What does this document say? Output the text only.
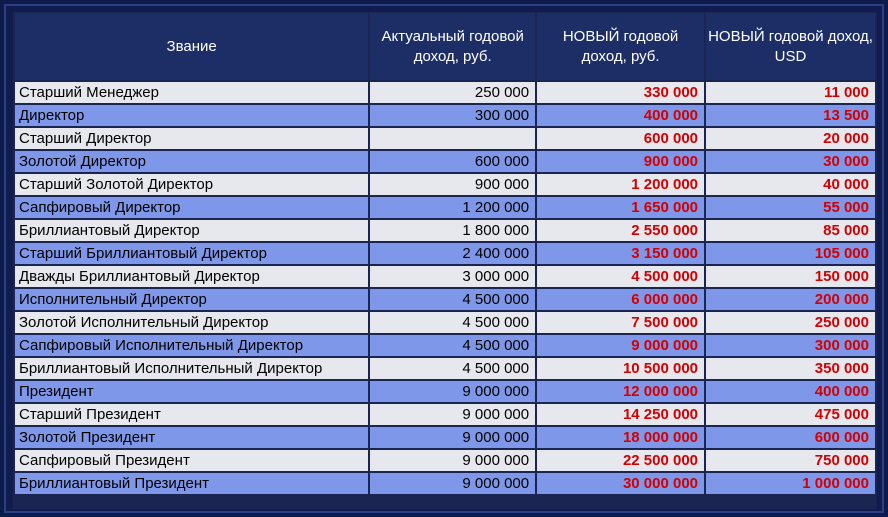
Звание	Актуальный годовой доход, руб.	НОВЫЙ годовой доход, руб.	НОВЫЙ годовой доход, USD
Старший Менеджер	250 000	330 000	11 000
Директор	300 000	400 000	13 500
Старший Директор		600 000	20 000
Золотой Директор	600 000	900 000	30 000
Старший Золотой Директор	900 000	1 200 000	40 000
Сапфировый Директор	1 200 000	1 650 000	55 000
Бриллиантовый Директор	1 800 000	2 550 000	85 000
Старший Бриллиантовый Директор	2 400 000	3 150 000	105 000
Дважды Бриллиантовый Директор	3 000 000	4 500 000	150 000
Исполнительный Директор	4 500 000	6 000 000	200 000
Золотой Исполнительный Директор	4 500 000	7 500 000	250 000
Сапфировый Исполнительный Директор	4 500 000	9 000 000	300 000
Бриллиантовый Исполнительный Директор	4 500 000	10 500 000	350 000
Президент	9 000 000	12 000 000	400 000
Старший Президент	9 000 000	14 250 000	475 000
Золотой Президент	9 000 000	18 000 000	600 000
Сапфировый Президент	9 000 000	22 500 000	750 000
Бриллиантовый Президент	9 000 000	30 000 000	1 000 000
